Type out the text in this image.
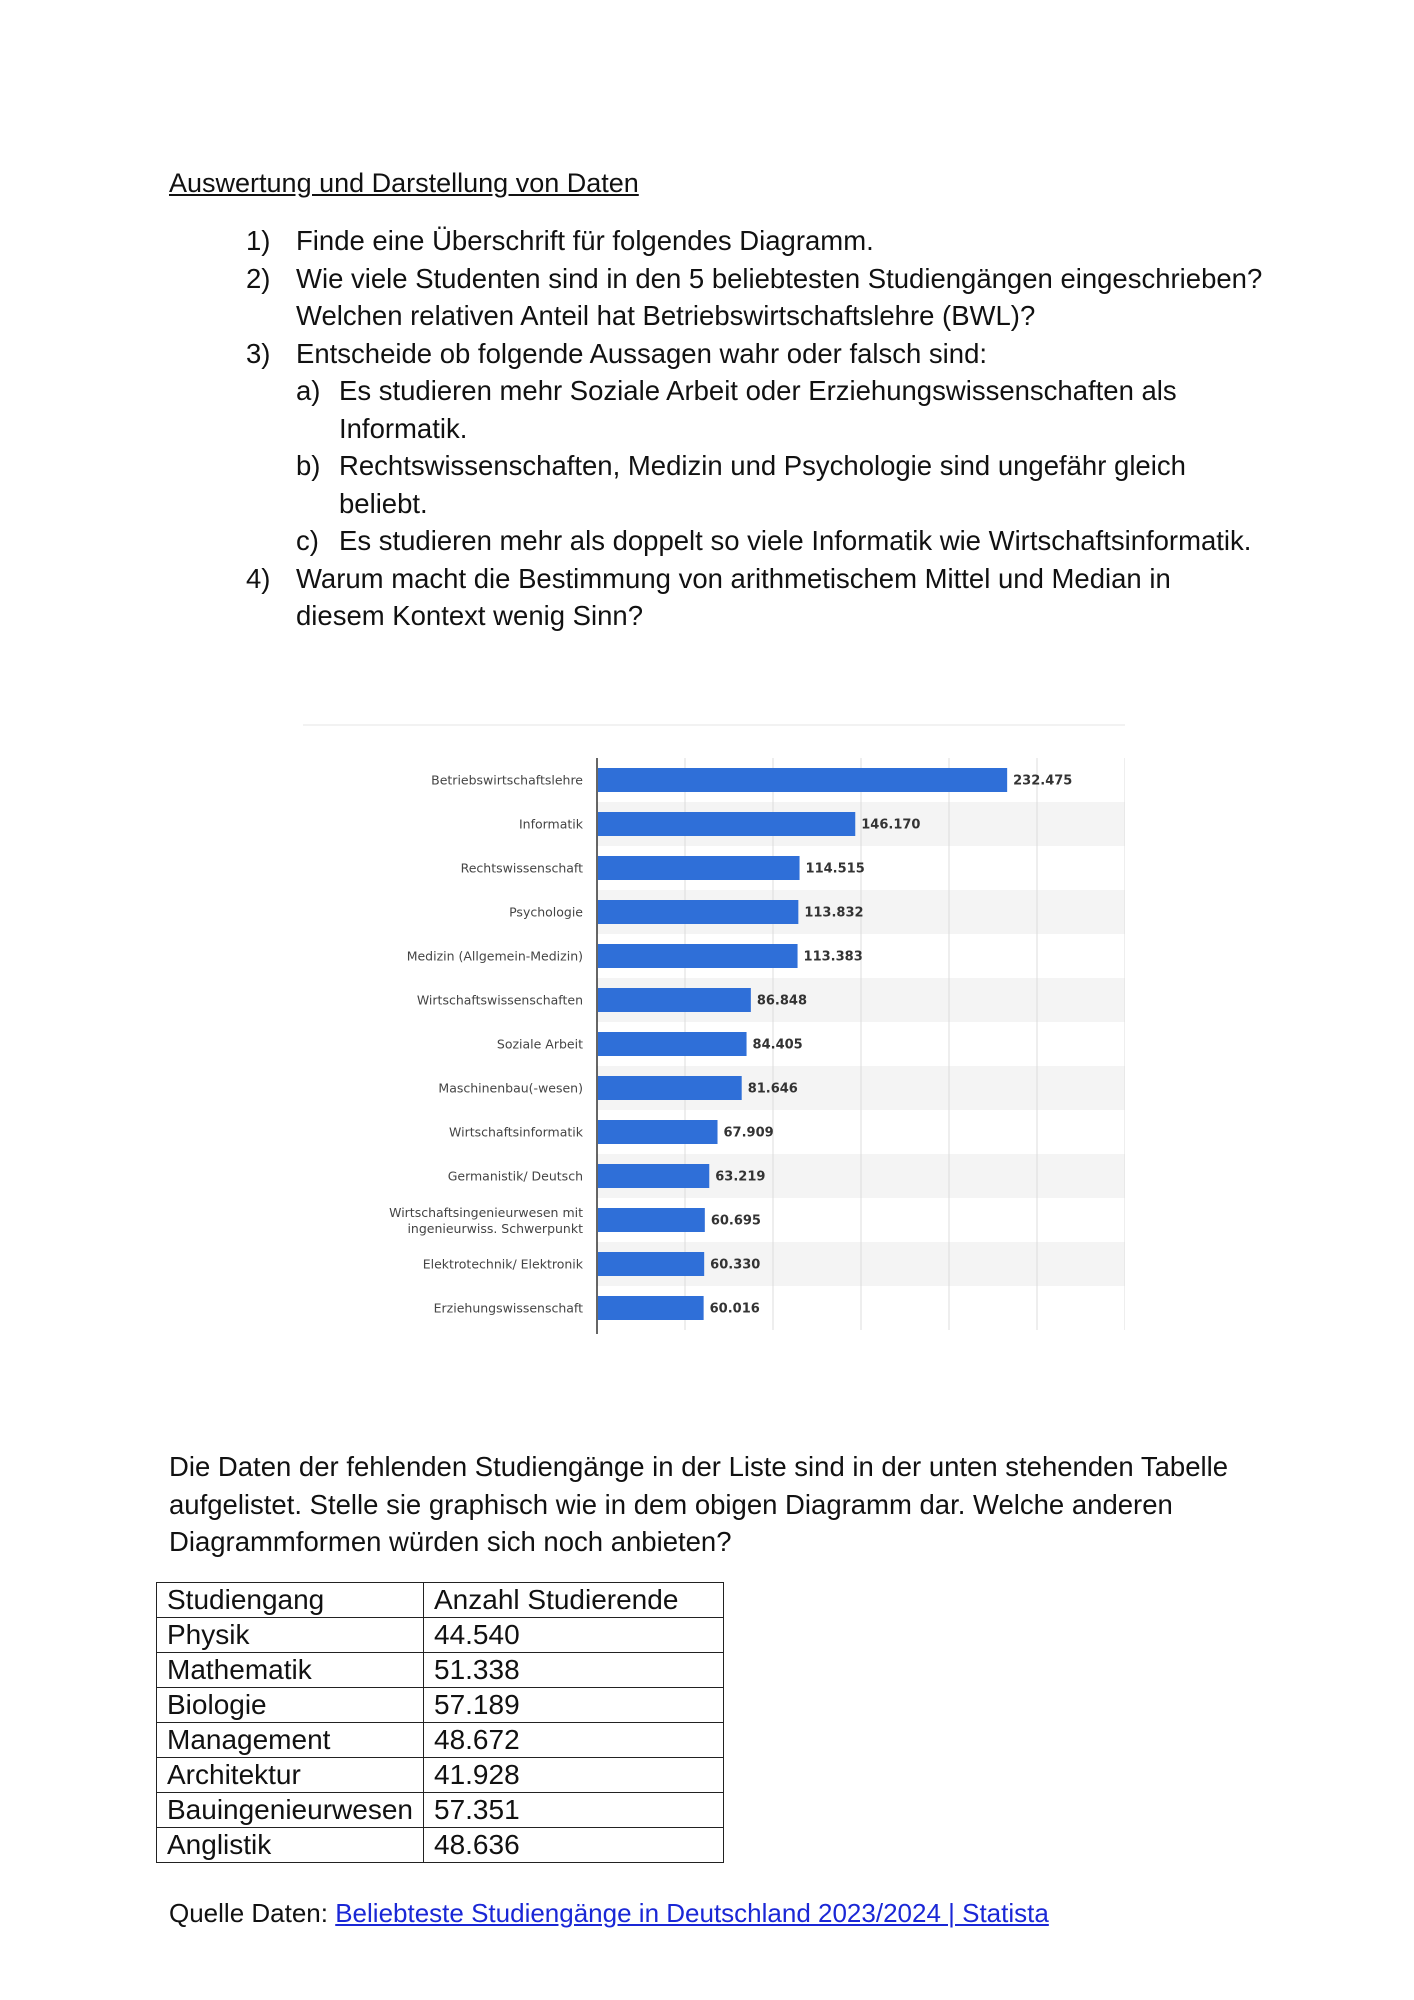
Auswertung und Darstellung von Daten
1) Finde eine Überschrift für folgendes Diagramm.
2) Wie viele Studenten sind in den 5 beliebtesten Studiengängen eingeschrieben? Welchen relativen Anteil hat Betriebswirtschaftslehre (BWL)?
3) Entscheide ob folgende Aussagen wahr oder falsch sind:
a) Es studieren mehr Soziale Arbeit oder Erziehungswissenschaften als Informatik.
b) Rechtswissenschaften, Medizin und Psychologie sind ungefähr gleich beliebt.
c) Es studieren mehr als doppelt so viele Informatik wie Wirtschaftsinformatik.
4) Warum macht die Bestimmung von arithmetischem Mittel und Median in diesem Kontext wenig Sinn?
232.475
Betriebswirtschaftslehre
146.170
Informatik
114.515
Rechtswissenschaft
113.832
Psychologie
113.383
Medizin (Allgemein-Medizin)
86.848
Wirtschaftswissenschaften
84.405
Soziale Arbeit
81.646
Maschinenbau(-wesen)
67.909
Wirtschaftsinformatik
63.219
Germanistik/ Deutsch
60.695
Wirtschaftsingenieurwesen mit
ingenieurwiss. Schwerpunkt
60.330
Elektrotechnik/ Elektronik
60.016
Erziehungswissenschaft
Die Daten der fehlenden Studiengänge in der Liste sind in der unten stehenden Tabelle aufgelistet. Stelle sie graphisch wie in dem obigen Diagramm dar. Welche anderen Diagrammformen würden sich noch anbieten?
Studiengang	Anzahl Studierende
Physik	44.540
Mathematik	51.338
Biologie	57.189
Management	48.672
Architektur	41.928
Bauingenieurwesen	57.351
Anglistik	48.636
Quelle Daten: Beliebteste Studiengänge in Deutschland 2023/2024 | Statista
